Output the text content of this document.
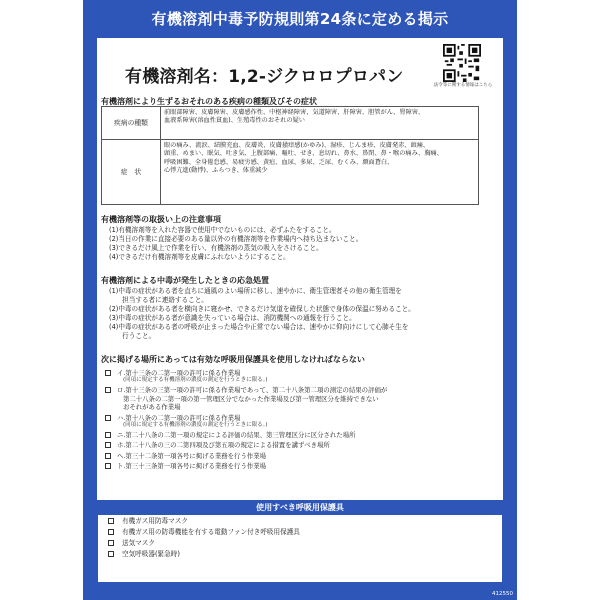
有機溶剤中毒予防規則第24条に定める掲示
有機溶剤名：1,2-ジクロロプロパン	法令等に関する情報はこちら
有機溶剤により生ずるおそれのある疾病の種類及びその症状
疾病の種類	前眼部障害、皮膚障害、皮膚感作性、中枢神経障害、気道障害、肝障害、胆管がん、腎障害、
血液系障害(溶血性貧血)、生殖毒性のおそれの疑い

症　状	眼の痛み、流涙、結膜充血、皮膚炎、皮膚掻痒感(かゆみ)、湿疹、じんま疹、皮膚発赤、頭痛、
頭重、めまい、眠気、吐き気、上腹部痛、嘔吐、せき、息切れ、鼻水、鼻閉、鼻・喉の痛み、胸痛、
呼吸困難、全身倦怠感、易疲労感、黄疸、血尿、多尿、乏尿、むくみ、顔面蒼白、
心悸亢進(動悸)、ふらつき、体重減少
有機溶剤等の取扱い上の注意事項
(1)有機溶剤等を入れた容器で使用中でないものには、必ずふたをすること。
(2)当日の作業に直接必要のある量以外の有機溶剤等を作業場内へ持ち込まないこと。
(3)できるだけ風上で作業を行い、有機溶剤の蒸気の吸入をさけること。
(4)できるだけ有機溶剤等を皮膚にふれないようにすること。
有機溶剤による中毒が発生したときの応急処置
(1)中毒の症状がある者を直ちに通風のよい場所に移し、速やかに、衛生管理者その他の衛生管理を
　　担当する者に連絡すること。
(2)中毒の症状がある者を横向きに寝かせ、できるだけ気道を確保した状態で身体の保温に努めること。
(3)中毒の症状がある者が意識を失っている場合は、消防機関への通報を行うこと。
(4)中毒の症状がある者の呼吸が止まった場合や正常でない場合は、速やかに仰向けにして心肺そ生を
　　行うこと。
次に掲げる場所にあっては有効な呼吸用保護具を使用しなければならない
イ.第十三条の二第一項の許可に係る作業場
(同項に規定する有機溶剤の濃度の測定を行うときに限る。)
ロ.第十三条の三第一項の許可に係る作業場であって、第二十八条第二項の測定の結果の評価が
第二十八条の二第一項の第一管理区分でなかった作業場及び第一管理区分を維持できない
おそれがある作業場
ハ.第十八条の二第一項の許可に係る作業場
(同項に規定する有機溶剤の濃度の測定を行うときに限る。)
ニ.第二十八条の二第一項の規定による評価の結果、第三管理区分に区分された場所
ホ.第二十八条の三の二第四項及び第五項の規定による措置を講ずべき場所
ヘ.第三十二条第一項各号に掲げる業務を行う作業場
ト.第三十三条第一項各号に掲げる業務を行う作業場
使用すべき呼吸用保護具
有機ガス用防毒マスク
有機ガス用の防毒機能を有する電動ファン付き呼吸用保護具
送気マスク
空気呼吸器(緊急時)
412550
